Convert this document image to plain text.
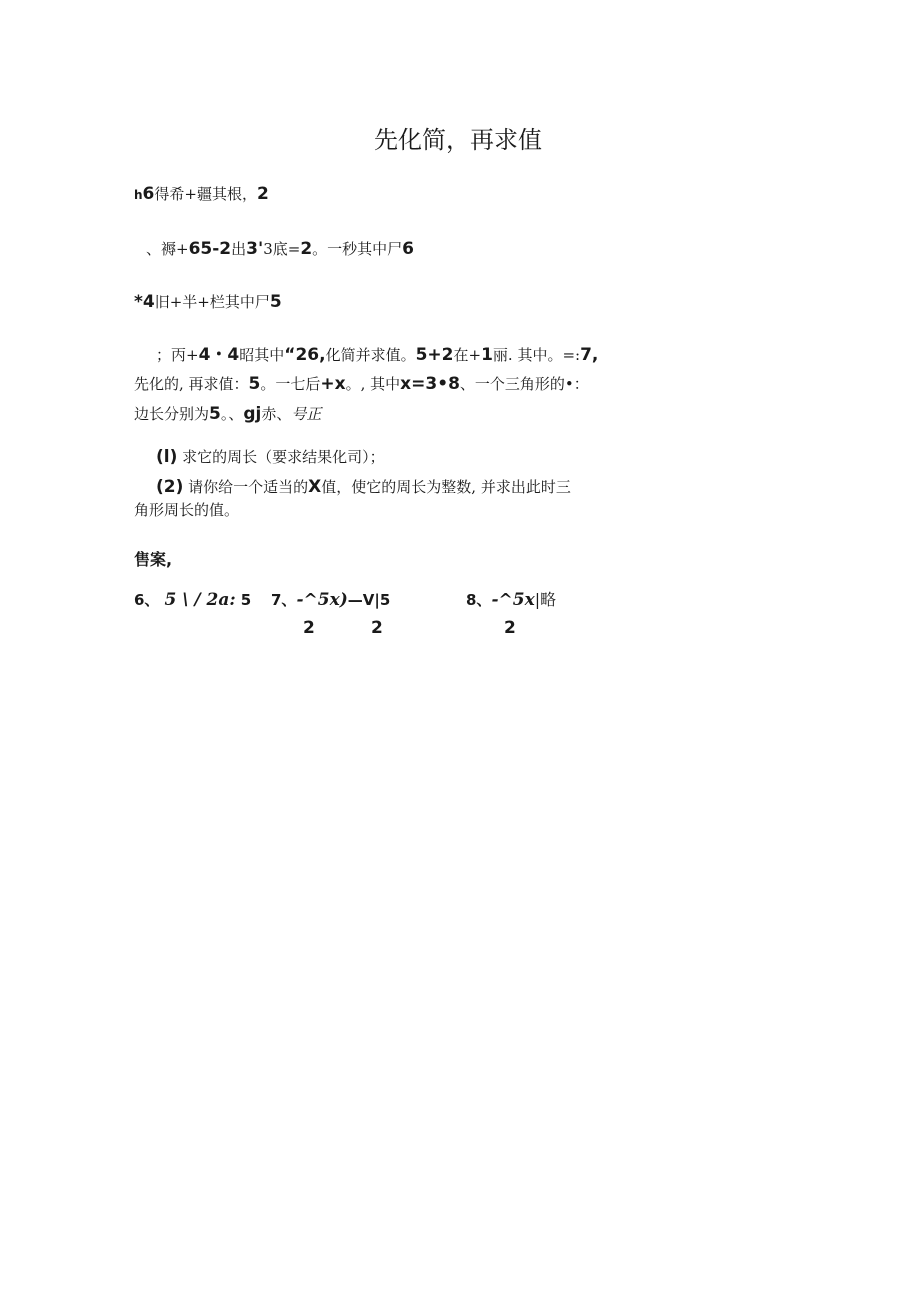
先化简，再求值
h6得希+疆其根，2
、褥+65-2出3'3底=2。一秒其中尸6
*4旧+半+栏其中尸5
；丙+4・4昭其中“26,化简并求值。5+2在+1丽. 其中。=:7,
先化的, 再求值：5。一七后+x。, 其中x=3•8、一个三角形的•：
边长分别为5。、gj赤、号正
(l) 求它的周长（要求结果化司）；
(2) 请你给一个适当的X值，使它的周长为整数, 并求出此时三
角形周长的值。
售案,
6、 5 \ / 2a: 5 7、-^5x)—V|5
2	2
8、-^5x|略
2
